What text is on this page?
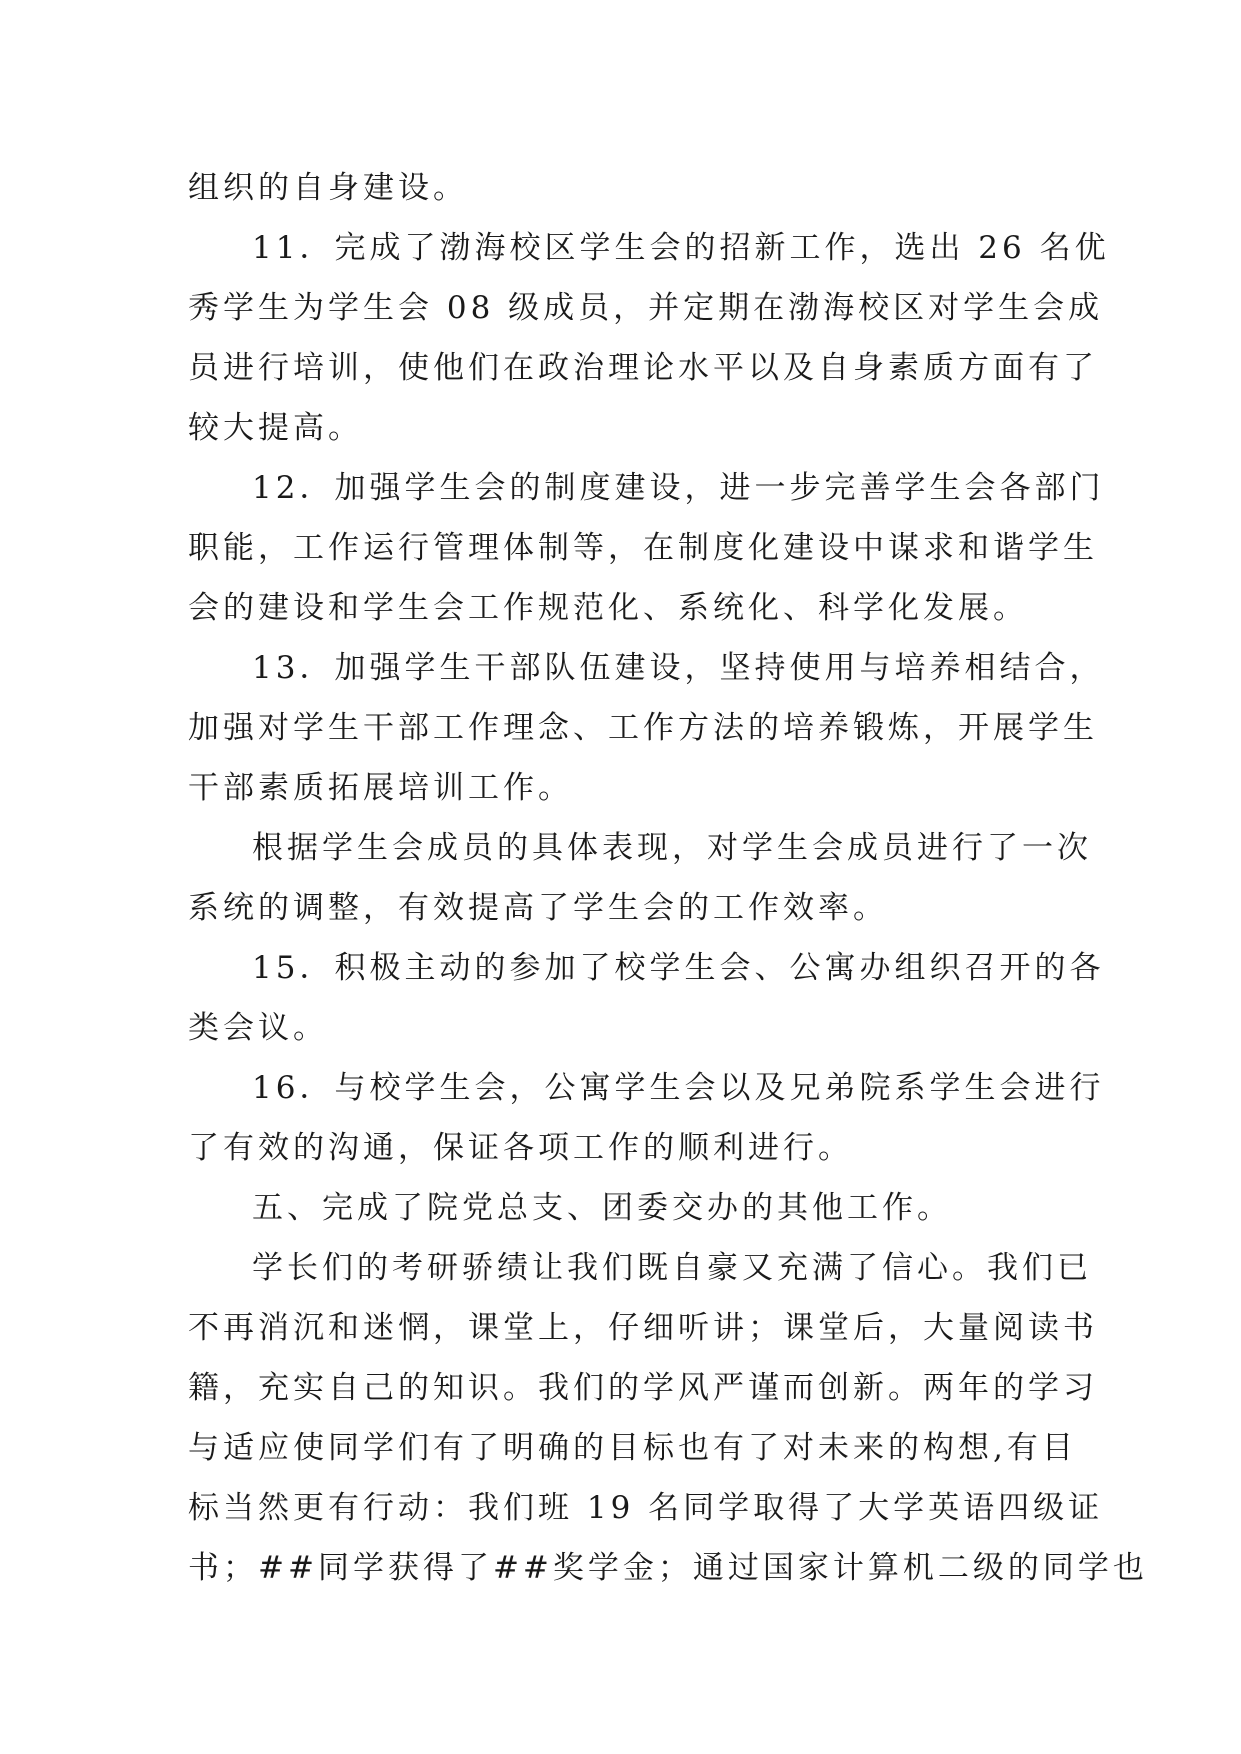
组织的自身建设。
11．完成了渤海校区学生会的招新工作，选出 26 名优
秀学生为学生会 08 级成员，并定期在渤海校区对学生会成
员进行培训，使他们在政治理论水平以及自身素质方面有了
较大提高。
12．加强学生会的制度建设，进一步完善学生会各部门
职能，工作运行管理体制等，在制度化建设中谋求和谐学生
会的建设和学生会工作规范化、系统化、科学化发展。
13．加强学生干部队伍建设，坚持使用与培养相结合，
加强对学生干部工作理念、工作方法的培养锻炼，开展学生
干部素质拓展培训工作。
根据学生会成员的具体表现，对学生会成员进行了一次
系统的调整，有效提高了学生会的工作效率。
15．积极主动的参加了校学生会、公寓办组织召开的各
类会议。
16．与校学生会，公寓学生会以及兄弟院系学生会进行
了有效的沟通，保证各项工作的顺利进行。
五、完成了院党总支、团委交办的其他工作。
学长们的考研骄绩让我们既自豪又充满了信心。我们已
不再消沉和迷惘，课堂上，仔细听讲；课堂后，大量阅读书
籍，充实自己的知识。我们的学风严谨而创新。两年的学习
与适应使同学们有了明确的目标也有了对未来的构想,有目
标当然更有行动：我们班 19 名同学取得了大学英语四级证
书；##同学获得了##奖学金；通过国家计算机二级的同学也
